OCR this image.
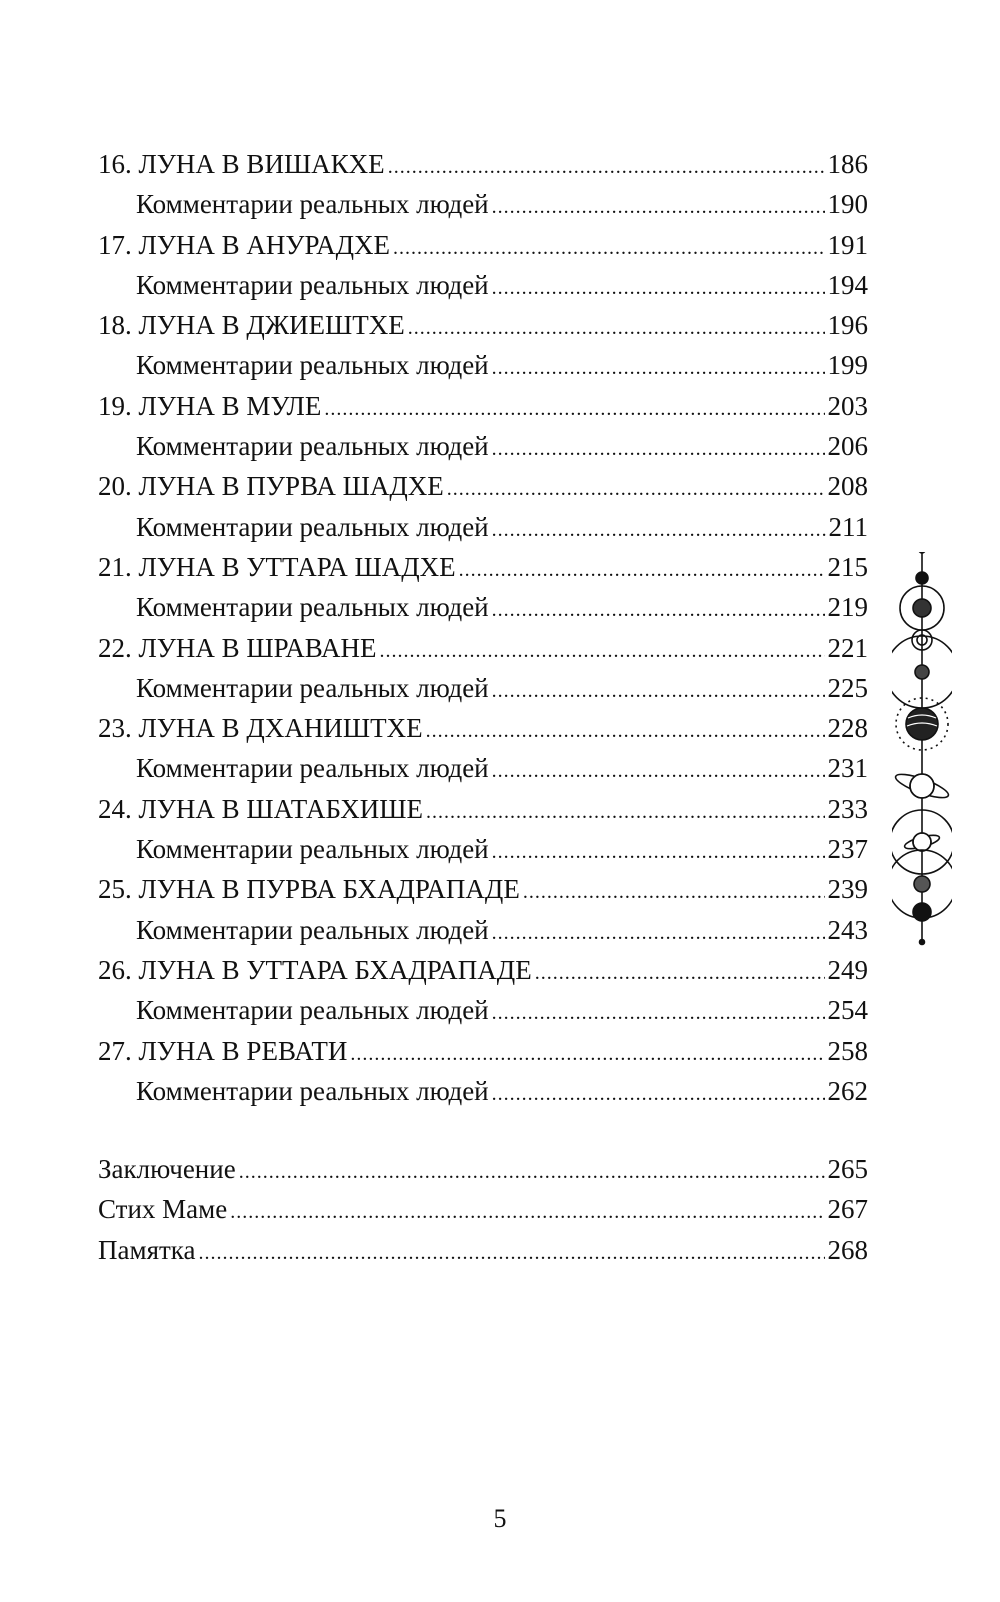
16. ЛУНА В ВИШАКХЕ .....	186
Комментарии реальных людей .....	190
17. ЛУНА В АНУРАДХЕ .....	191
Комментарии реальных людей .....	194
18. ЛУНА В ДЖИЕШТХЕ .....	196
Комментарии реальных людей .....	199
19. ЛУНА В МУЛЕ .....	203
Комментарии реальных людей .....	206
20. ЛУНА В ПУРВА ШАДХЕ .....	208
Комментарии реальных людей .....	211
21. ЛУНА В УТТАРА ШАДХЕ .....	215
Комментарии реальных людей .....	219
22. ЛУНА В ШРАВАНЕ .....	221
Комментарии реальных людей .....	225
23. ЛУНА В ДХАНИШТХЕ .....	228
Комментарии реальных людей .....	231
24. ЛУНА В ШАТАБХИШЕ .....	233
Комментарии реальных людей .....	237
25. ЛУНА В ПУРВА БХАДРАПАДЕ .....	239
Комментарии реальных людей .....	243
26. ЛУНА В УТТАРА БХАДРАПАДЕ .....	249
Комментарии реальных людей .....	254
27. ЛУНА В РЕВАТИ .....	258
Комментарии реальных людей .....	262
Заключение .....	265
Стих Маме .....	267
Памятка .....	268
5
